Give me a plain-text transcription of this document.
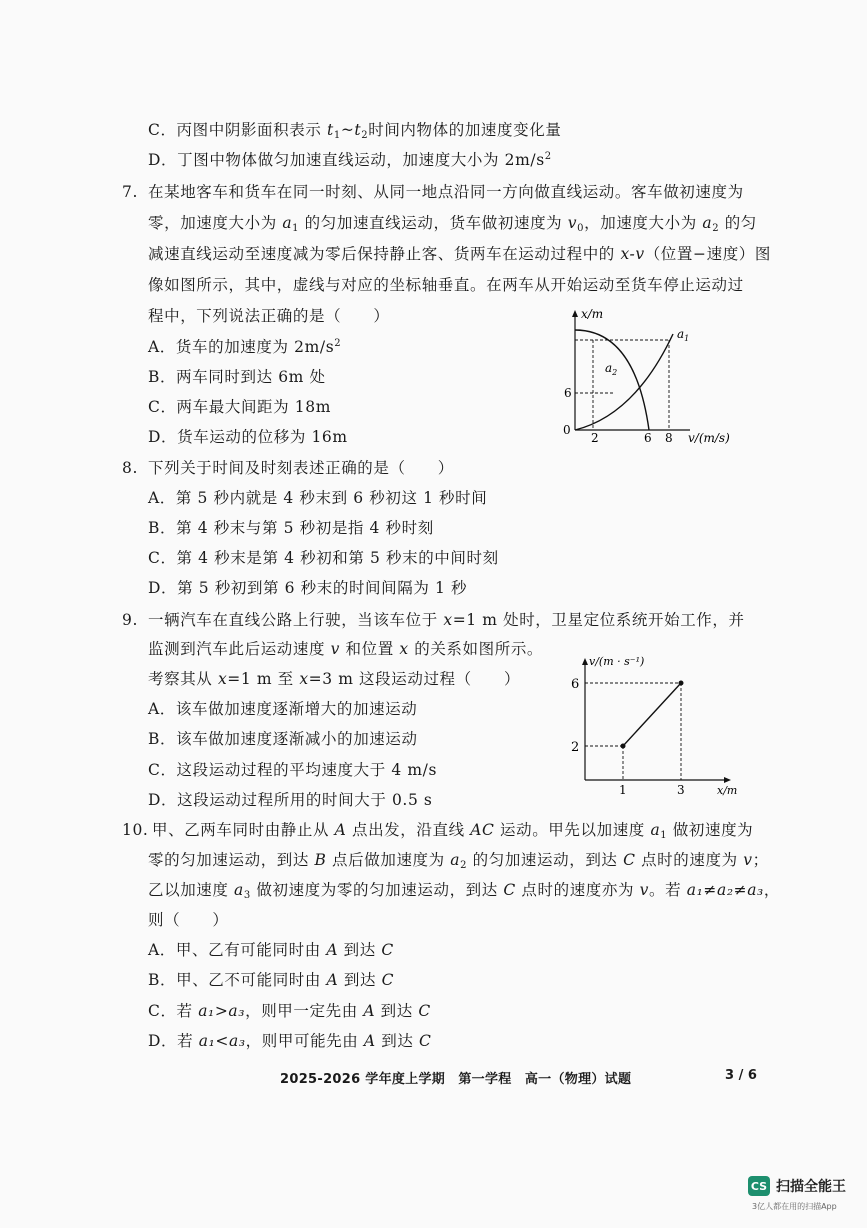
C．丙图中阴影面积表示 $t_1\sim t_2$时间内物体的加速度变化量
D．丁图中物体做匀加速直线运动，加速度大小为 $2m/s^2$
7. 在某地客车和货车在同一时刻、从同一地点沿同一方向做直线运动。客车做初速度为
零，加速度大小为 $a_1$ 的匀加速直线运动，货车做初速度为 $v_0$，加速度大小为 $a_2$ 的匀
减速直线运动至速度减为零后保持静止客、货两车在运动过程中的 x-v（位置−速度）图
像如图所示，其中，虚线与对应的坐标轴垂直。在两车从开始运动至货车停止运动过
程中，下列说法正确的是（　　）
A．货车的加速度为 $2m/s^2$
B．两车同时到达 6m 处
C．两车最大间距为 18m
D．货车运动的位移为 16m
x/m
v/(m/s)
0
2	6 8
6
$a_1$
$a_2$
8. 下列关于时间及时刻表述正确的是（　　）
A．第 5 秒内就是 4 秒末到 6 秒初这 1 秒时间
B．第 4 秒末与第 5 秒初是指 4 秒时刻
C．第 4 秒末是第 4 秒初和第 5 秒末的中间时刻
D．第 5 秒初到第 6 秒末的时间间隔为 1 秒
9. 一辆汽车在直线公路上行驶，当该车位于 x=1 m 处时，卫星定位系统开始工作，并
监测到汽车此后运动速度 v 和位置 x 的关系如图所示。
考察其从 x=1 m 至 x=3 m 这段运动过程（　　）
A．该车做加速度逐渐增大的加速运动
B．该车做加速度逐渐减小的加速运动
C．这段运动过程的平均速度大于 4 m/s
D．这段运动过程所用的时间大于 0.5 s
v/(m · s⁻¹)
x/m
6
2
1	3
10. 甲、乙两车同时由静止从 A 点出发，沿直线 AC 运动。甲先以加速度 $a_1$ 做初速度为
零的匀加速运动，到达 B 点后做加速度为 $a_2$ 的匀加速运动，到达 C 点时的速度为 v；
乙以加速度 $a_3$ 做初速度为零的匀加速运动，到达 C 点时的速度亦为 v。若 a₁≠a₂≠a₃，
则（　　）
A．甲、乙有可能同时由 A 到达 C
B．甲、乙不可能同时由 A 到达 C
C．若 a₁>a₃，则甲一定先由 A 到达 C
D．若 a₁<a₃，则甲可能先由 A 到达 C
2025-2026 学年度上学期　第一学程　高一（物理）试题	3 / 6
CS 扫描全能王
3亿人都在用的扫描App
